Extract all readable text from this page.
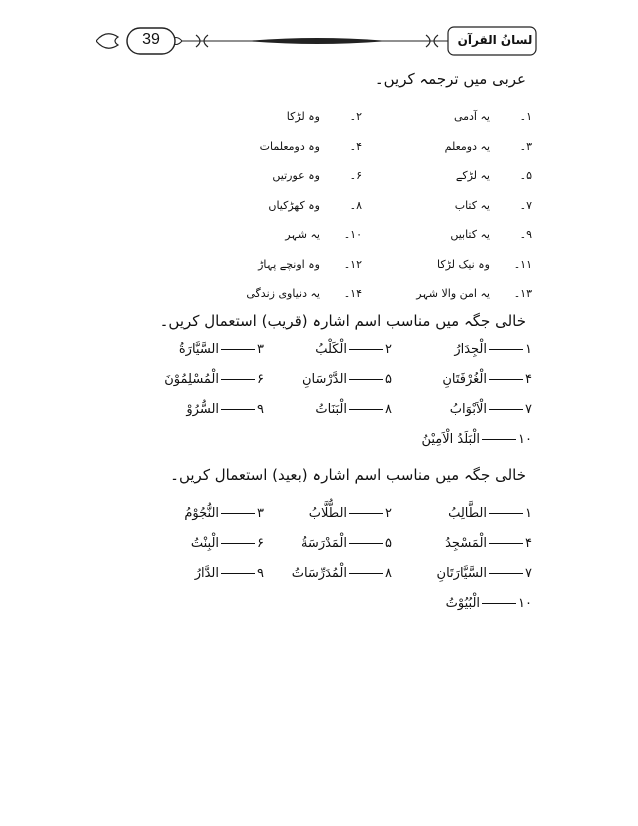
39	لسانُ القرآن
عربی میں ترجمہ کریں۔
۱۔
یہ آدمی
۲۔
وہ لڑکا
۳۔
یہ دومعلم
۴۔
وہ دومعلمات
۵۔
یہ لڑکے
۶۔
وہ عورتیں
۷۔
یہ کتاب
۸۔
وہ کھڑکیاں
۹۔
یہ کتابیں
۱۰۔
یہ شہر
۱۱۔
وہ نیک لڑکا
۱۲۔
وہ اونچے پہاڑ
۱۳۔
یہ امن والا شہر
۱۴۔
یہ دنیاوی زندگی
خالی جگہ میں مناسب اسم اشارہ (قریب) استعمال کریں۔
۱الْجِدَارُ
۲الْكَلْبُ
۳السَّيَّارَةُ
۴الْغُرْفَتَانِ
۵الدَّرْسَانِ
۶الْمُسْلِمُوْنَ
۷الْاَبْوَابُ
۸الْبَنَاتُ
۹السُّرُوْ
۱۰الْبَلَدُ الْاَمِيْنُ
خالی جگہ میں مناسب اسم اشارہ (بعید) استعمال کریں۔
۱الطَّالِبُ
۲الطُّلَّابُ
۳النُّجُوْمُ
۴الْمَسْجِدُ
۵الْمَدْرَسَةُ
۶الْبِنْتُ
۷السَّيَّارَتَانِ
۸الْمُدَرِّسَاتُ
۹الدَّارُ
۱۰الْبُيُوْتُ
